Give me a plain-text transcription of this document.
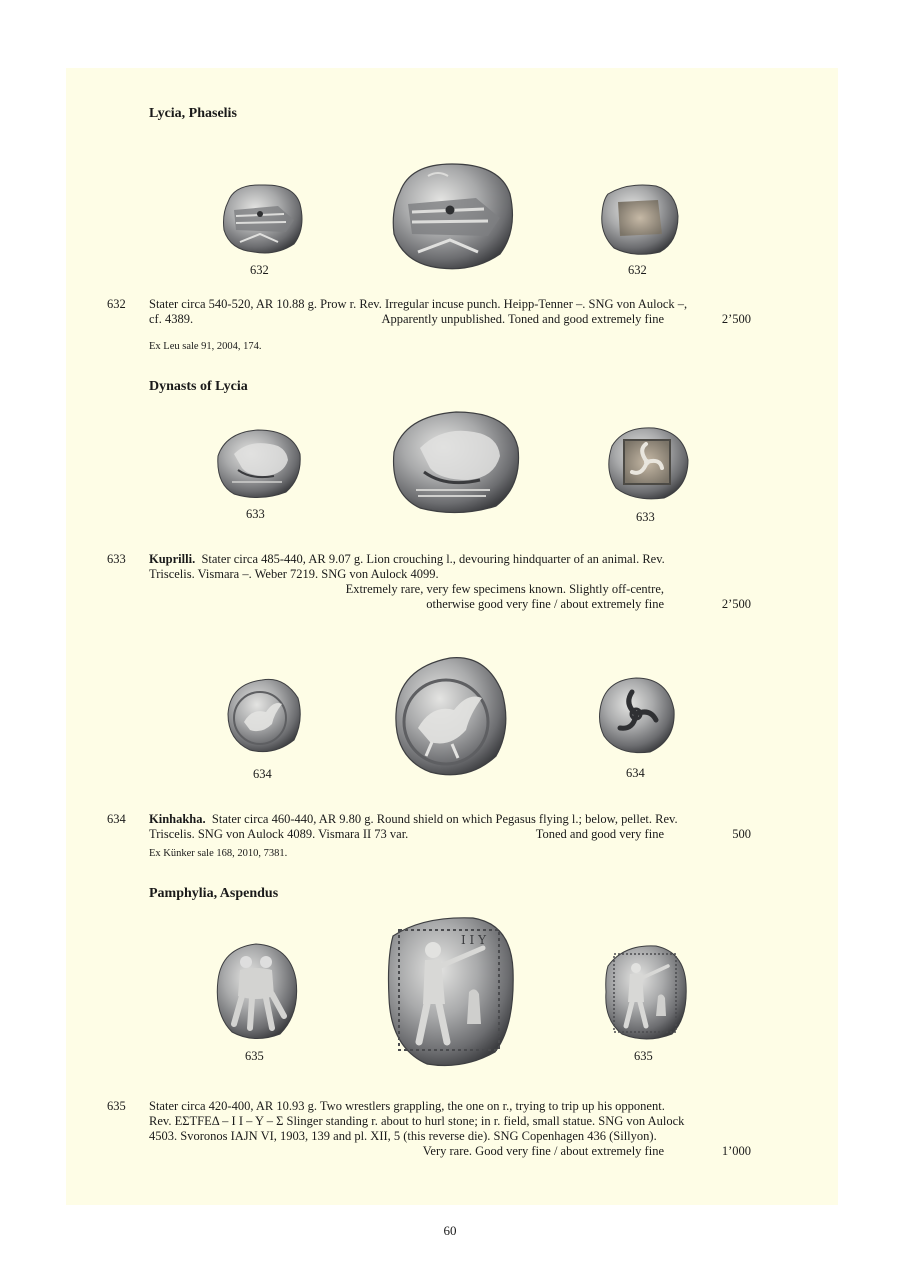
Lycia, Phaselis
632	632
632 Stater circa 540-520, AR 10.88 g. Prow r. Rev. Irregular incuse punch. Heipp-Tenner –. SNG von Aulock –,
cf. 4389.	Apparently unpublished. Toned and good extremely fine	2’500
Ex Leu sale 91, 2004, 174.
Dynasts of Lycia
633	633
633 Kuprilli. Stater circa 485-440, AR 9.07 g. Lion crouching l., devouring hindquarter of an animal. Rev.
Triscelis. Vismara –. Weber 7219. SNG von Aulock 4099.
Extremely rare, very few specimens known. Slightly off-centre,
otherwise good very fine / about extremely fine	2’500
634	634
634 Kinhakha. Stater circa 460-440, AR 9.80 g. Round shield on which Pegasus flying l.; below, pellet. Rev.
Triscelis. SNG von Aulock 4089. Vismara II 73 var.	Toned and good very fine	500
Ex Künker sale 168, 2010, 7381.
Pamphylia, Aspendus
I I Y
635	635
635 Stater circa 420-400, AR 10.93 g. Two wrestlers grappling, the one on r., trying to trip up his opponent.
Rev. ΕΣΤFΕΔ – Ι Ι – Υ – Σ Slinger standing r. about to hurl stone; in r. field, small statue. SNG von Aulock
4503. Svoronos IAJN VI, 1903, 139 and pl. XII, 5 (this reverse die). SNG Copenhagen 436 (Sillyon).
Very rare. Good very fine / about extremely fine	1’000
60
